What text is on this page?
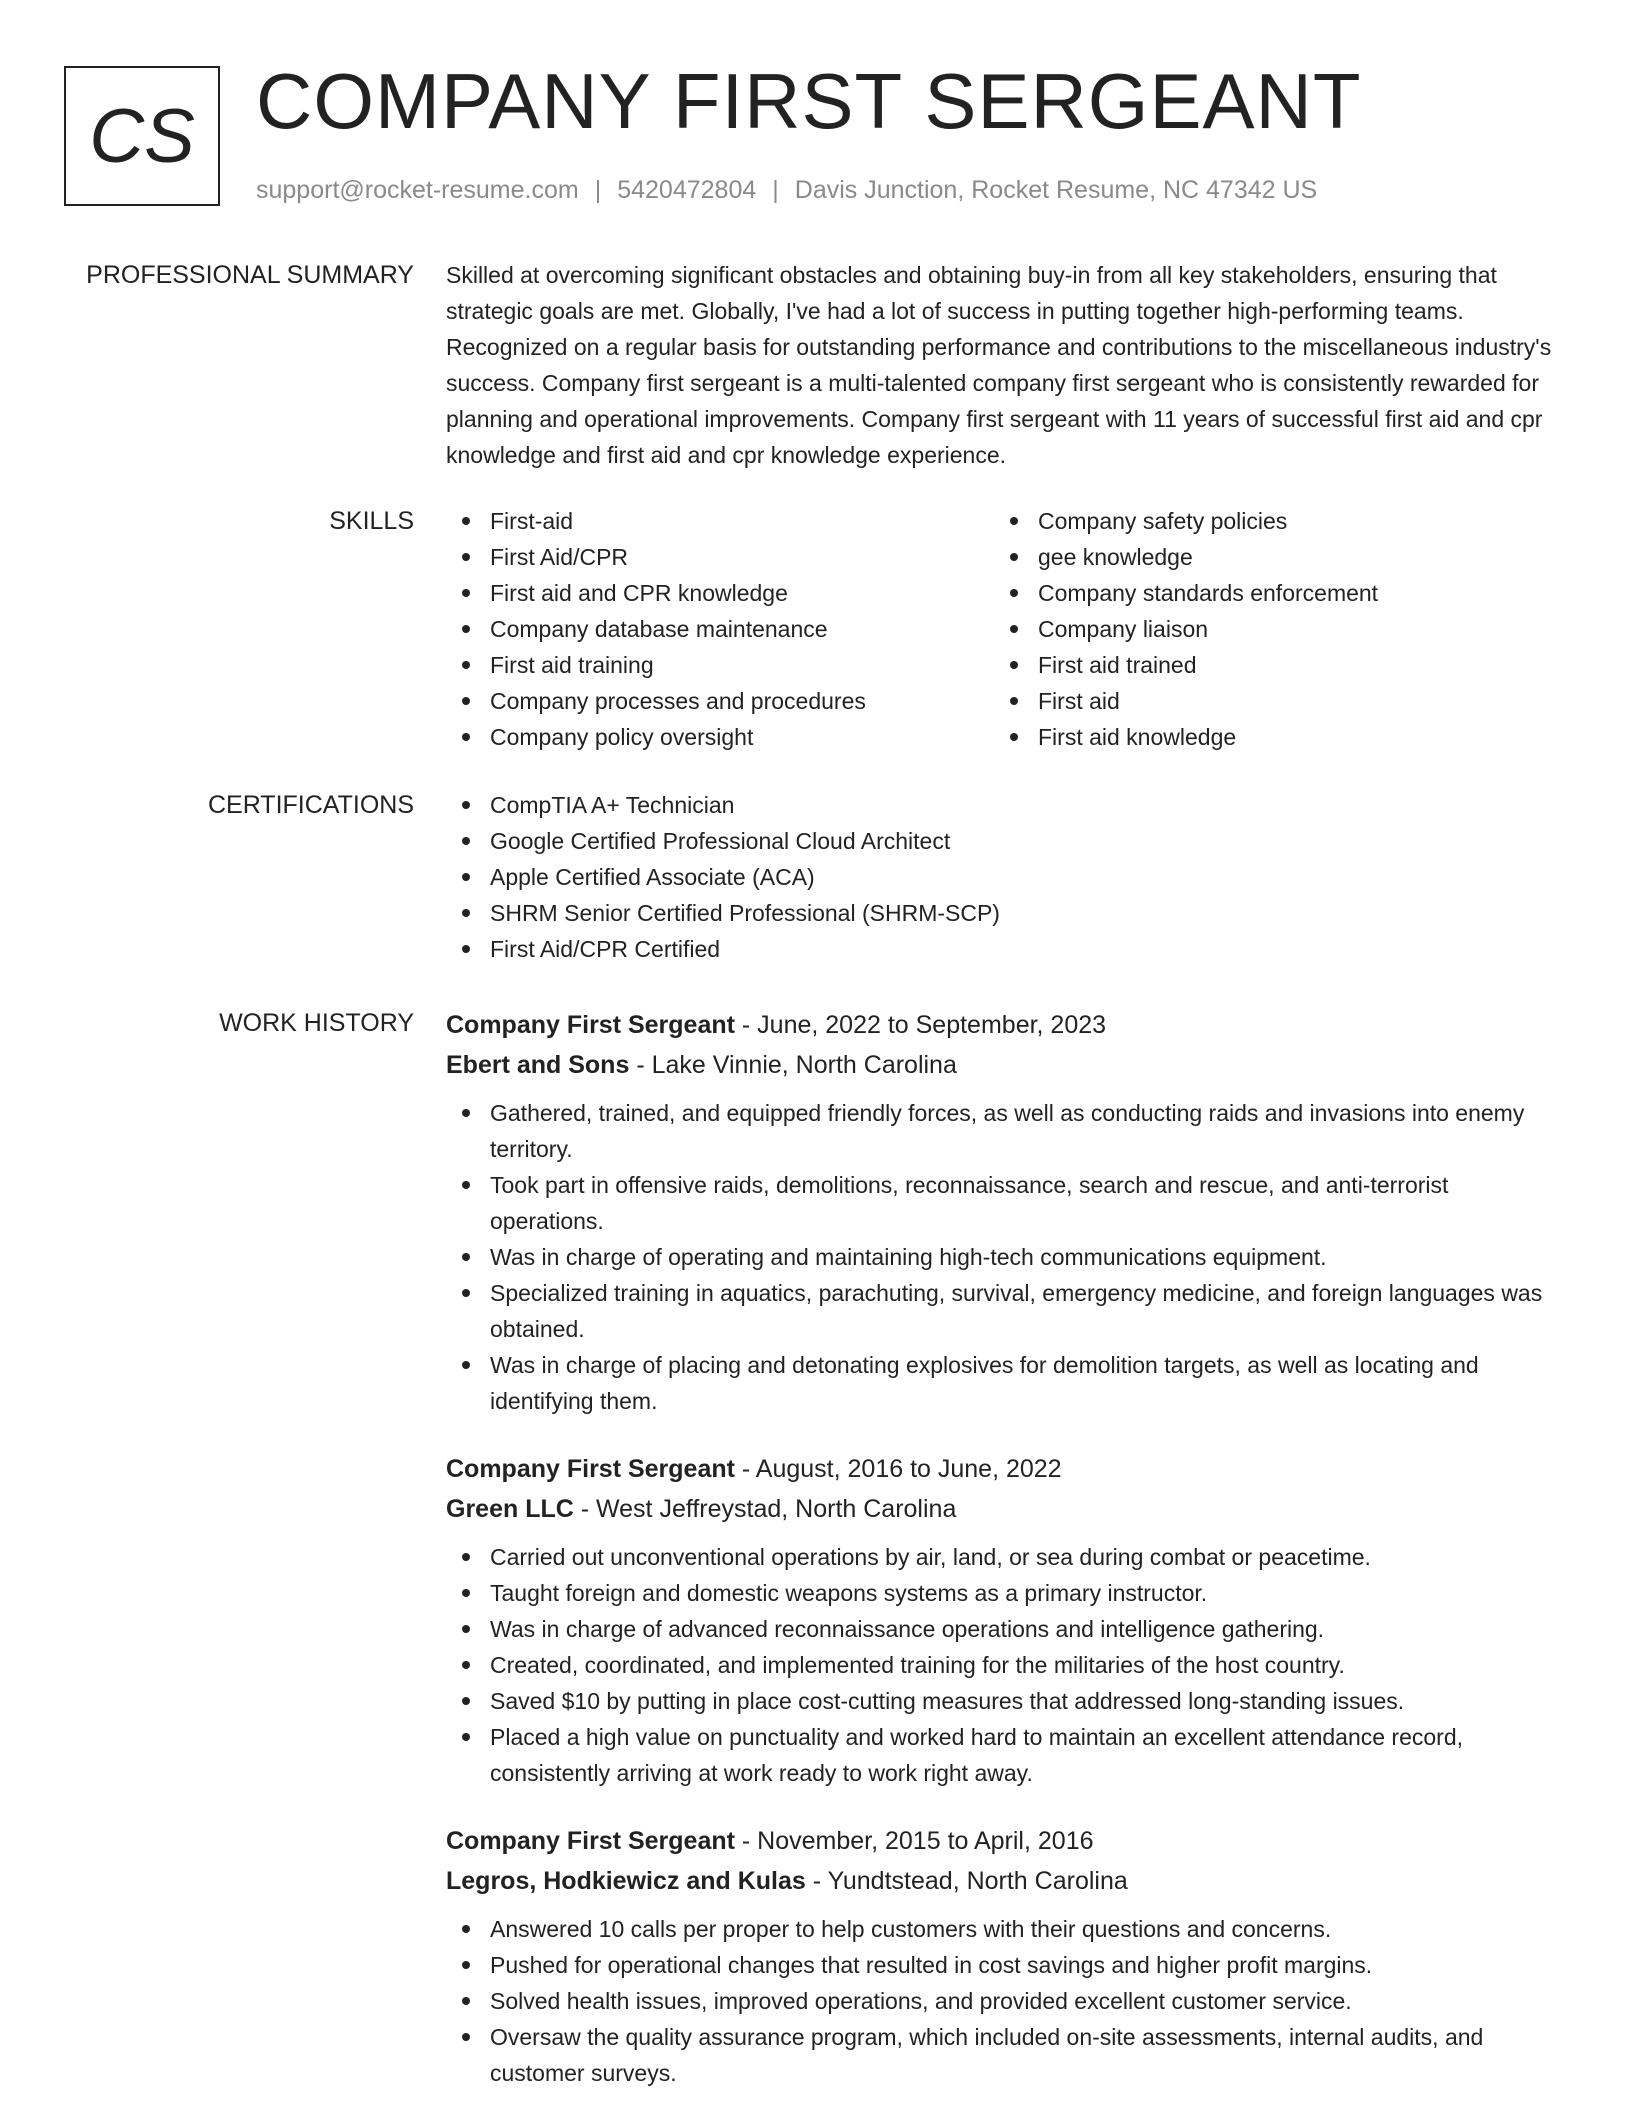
CS COMPANY FIRST SERGEANT
support@rocket-resume.com | 5420472804 | Davis Junction, Rocket Resume, NC 47342 US
PROFESSIONAL SUMMARY Skilled at overcoming significant obstacles and obtaining buy-in from all key stakeholders, ensuring that strategic goals are met. Globally, I've had a lot of success in putting together high-performing teams. Recognized on a regular basis for outstanding performance and contributions to the miscellaneous industry's success. Company first sergeant is a multi-talented company first sergeant who is consistently rewarded for planning and operational improvements. Company first sergeant with 11 years of successful first aid and cpr knowledge and first aid and cpr knowledge experience.
SKILLS	First-aid
First Aid/CPR
First aid and CPR knowledge
Company database maintenance
First aid training
Company processes and procedures
Company policy oversight
Company safety policies
gee knowledge
Company standards enforcement
Company liaison
First aid trained
First aid
First aid knowledge
CERTIFICATIONS	CompTIA A+ Technician
Google Certified Professional Cloud Architect
Apple Certified Associate (ACA)
SHRM Senior Certified Professional (SHRM-SCP)
First Aid/CPR Certified
WORK HISTORY Company First Sergeant - June, 2022 to September, 2023
Ebert and Sons - Lake Vinnie, North Carolina
Gathered, trained, and equipped friendly forces, as well as conducting raids and invasions into enemy territory.
Took part in offensive raids, demolitions, reconnaissance, search and rescue, and anti-terrorist operations.
Was in charge of operating and maintaining high-tech communications equipment.
Specialized training in aquatics, parachuting, survival, emergency medicine, and foreign languages was obtained.
Was in charge of placing and detonating explosives for demolition targets, as well as locating and identifying them.
Company First Sergeant - August, 2016 to June, 2022
Green LLC - West Jeffreystad, North Carolina
Carried out unconventional operations by air, land, or sea during combat or peacetime.
Taught foreign and domestic weapons systems as a primary instructor.
Was in charge of advanced reconnaissance operations and intelligence gathering.
Created, coordinated, and implemented training for the militaries of the host country.
Saved $10 by putting in place cost-cutting measures that addressed long-standing issues.
Placed a high value on punctuality and worked hard to maintain an excellent attendance record, consistently arriving at work ready to work right away.
Company First Sergeant - November, 2015 to April, 2016
Legros, Hodkiewicz and Kulas - Yundtstead, North Carolina
Answered 10 calls per proper to help customers with their questions and concerns.
Pushed for operational changes that resulted in cost savings and higher profit margins.
Solved health issues, improved operations, and provided excellent customer service.
Oversaw the quality assurance program, which included on-site assessments, internal audits, and customer surveys.
